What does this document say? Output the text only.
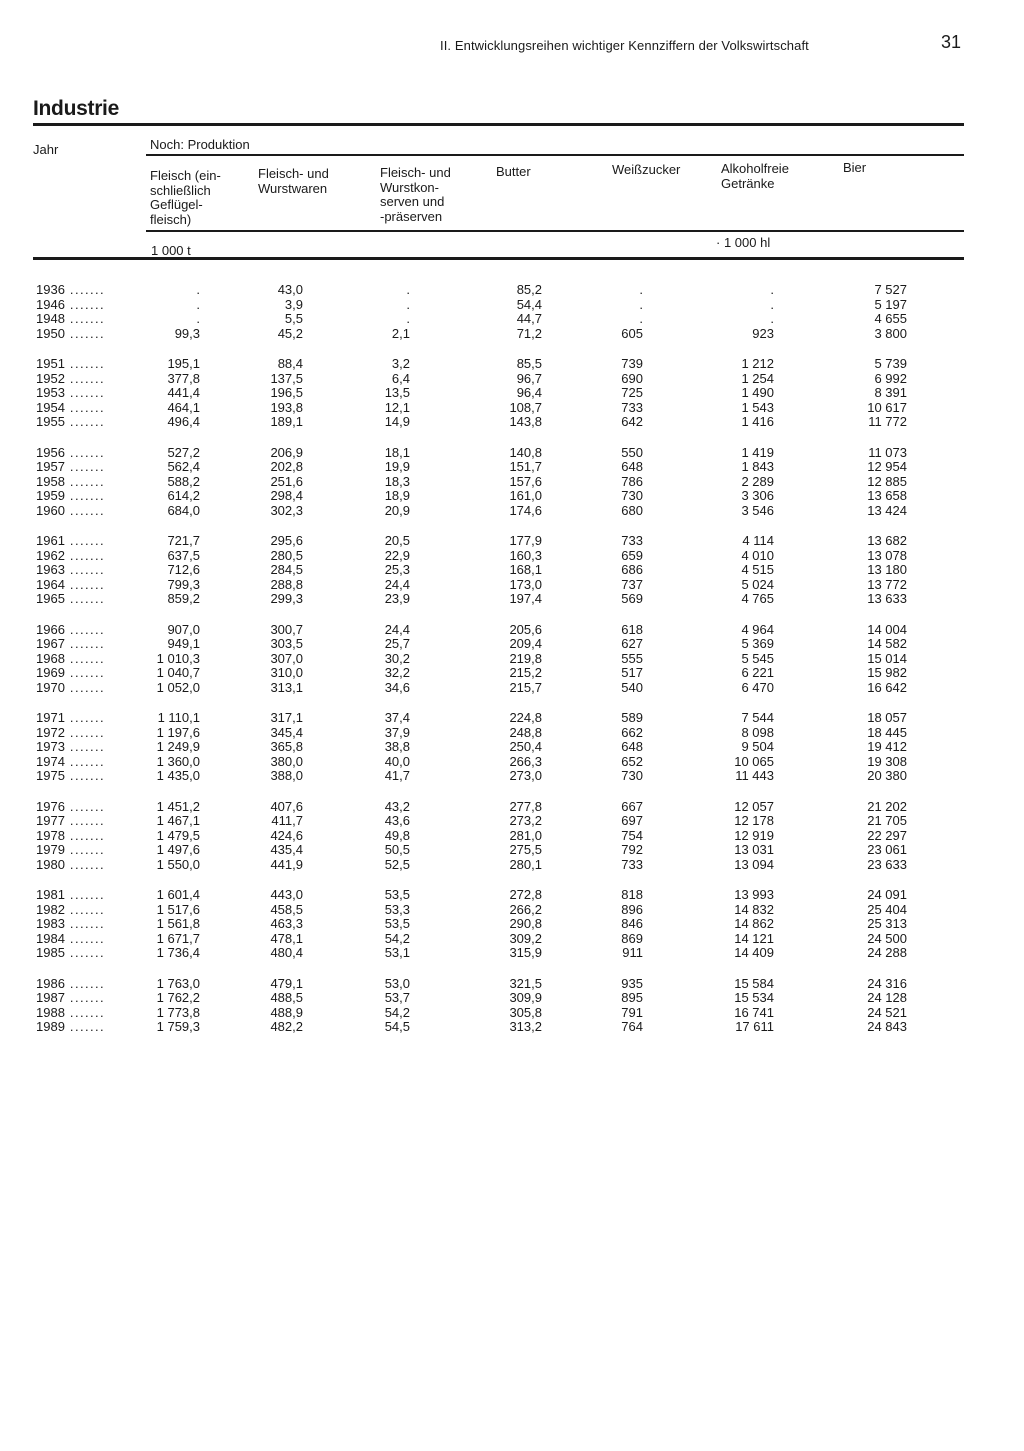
II. Entwicklungsreihen wichtiger Kennziffern der Volkswirtschaft	31
Industrie
Jahr	Noch: Produktion
Fleisch (ein-
schließlich
Geflügel-
fleisch)
Fleisch- und
Wurstwaren
Fleisch- und
Wurstkon-
serven und
-präserven
Butter	Weißzucker	Alkoholfreie
Getränke
Bier
1 000 t
· 1 000 hl
1936 .......	.	43,0	.	85,2	.	.	7 527
1946 .......	.	3,9	.	54,4	.	.	5 197
1948 .......	.	5,5	.	44,7	.	.	4 655
1950 .......	99,3	45,2	2,1	71,2	605	923	3 800
1951 .......	195,1	88,4	3,2	85,5	739	1 212	5 739
1952 .......	377,8	137,5	6,4	96,7	690	1 254	6 992
1953 .......	441,4	196,5	13,5	96,4	725	1 490	8 391
1954 .......	464,1	193,8	12,1	108,7	733	1 543	10 617
1955 .......	496,4	189,1	14,9	143,8	642	1 416	11 772
1956 .......	527,2	206,9	18,1	140,8	550	1 419	11 073
1957 .......	562,4	202,8	19,9	151,7	648	1 843	12 954
1958 .......	588,2	251,6	18,3	157,6	786	2 289	12 885
1959 .......	614,2	298,4	18,9	161,0	730	3 306	13 658
1960 .......	684,0	302,3	20,9	174,6	680	3 546	13 424
1961 .......	721,7	295,6	20,5	177,9	733	4 114	13 682
1962 .......	637,5	280,5	22,9	160,3	659	4 010	13 078
1963 .......	712,6	284,5	25,3	168,1	686	4 515	13 180
1964 .......	799,3	288,8	24,4	173,0	737	5 024	13 772
1965 .......	859,2	299,3	23,9	197,4	569	4 765	13 633
1966 .......	907,0	300,7	24,4	205,6	618	4 964	14 004
1967 .......	949,1	303,5	25,7	209,4	627	5 369	14 582
1968 .......	1 010,3	307,0	30,2	219,8	555	5 545	15 014
1969 .......	1 040,7	310,0	32,2	215,2	517	6 221	15 982
1970 .......	1 052,0	313,1	34,6	215,7	540	6 470	16 642
1971 .......	1 110,1	317,1	37,4	224,8	589	7 544	18 057
1972 .......	1 197,6	345,4	37,9	248,8	662	8 098	18 445
1973 .......	1 249,9	365,8	38,8	250,4	648	9 504	19 412
1974 .......	1 360,0	380,0	40,0	266,3	652	10 065	19 308
1975 .......	1 435,0	388,0	41,7	273,0	730	11 443	20 380
1976 .......	1 451,2	407,6	43,2	277,8	667	12 057	21 202
1977 .......	1 467,1	411,7	43,6	273,2	697	12 178	21 705
1978 .......	1 479,5	424,6	49,8	281,0	754	12 919	22 297
1979 .......	1 497,6	435,4	50,5	275,5	792	13 031	23 061
1980 .......	1 550,0	441,9	52,5	280,1	733	13 094	23 633
1981 .......	1 601,4	443,0	53,5	272,8	818	13 993	24 091
1982 .......	1 517,6	458,5	53,3	266,2	896	14 832	25 404
1983 .......	1 561,8	463,3	53,5	290,8	846	14 862	25 313
1984 .......	1 671,7	478,1	54,2	309,2	869	14 121	24 500
1985 .......	1 736,4	480,4	53,1	315,9	911	14 409	24 288
1986 .......	1 763,0	479,1	53,0	321,5	935	15 584	24 316
1987 .......	1 762,2	488,5	53,7	309,9	895	15 534	24 128
1988 .......	1 773,8	488,9	54,2	305,8	791	16 741	24 521
1989 .......	1 759,3	482,2	54,5	313,2	764	17 611	24 843
